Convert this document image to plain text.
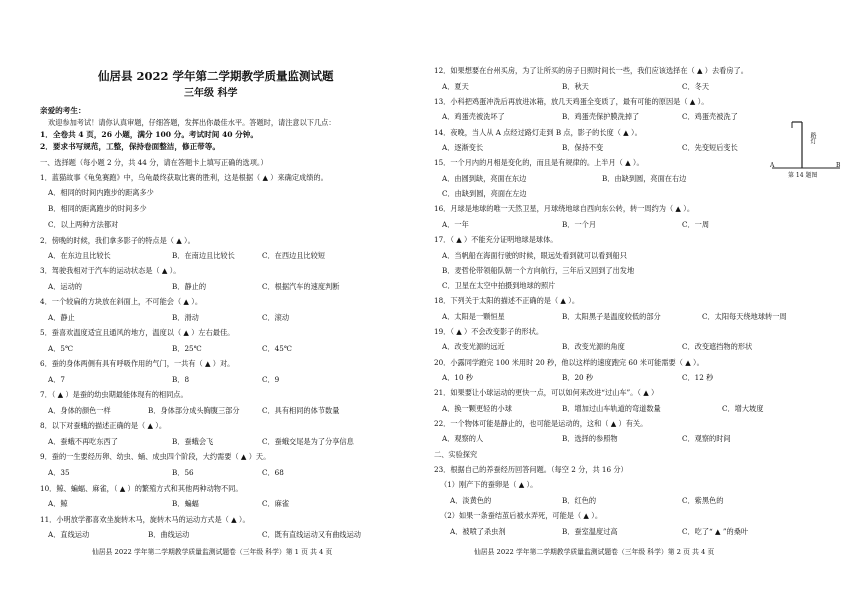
仙居县 2022 学年第二学期教学质量监测试题
三年级 科学
亲爱的考生：
欢迎参加考试！请你认真审题，仔细答题，发挥出你最佳水平。答题时，请注意以下几点：
1．全卷共 4 页，26 小题，满分 100 分。考试时间 40 分钟。
2．要求书写规范，工整，保持卷面整洁，修正带等。
一、选择题（每小题 2 分，共 44 分，请在答题卡上填写正确的选项。）
1．蓝猫故事《龟兔赛跑》中，乌龟最终获取比赛的胜利，这是根据（ ▲ ）来确定成绩的。
A．相同的时间内跑步的距离多少
B．相同的距离跑步的时间多少
C．以上两种方法都对
2．傍晚的时候，我们拿多影子的特点是（ ▲ ）。
A．在东边且比较长	B．在南边且比较长	C．在西边且比较短
3．驾驶我相对于汽车的运动状态是（ ▲ ）。
A．运动的	B．静止的	C．根据汽车的速度判断
4．一个较扁的方块放在斜面上，不可能会（ ▲ ）。
A．静止	B．滑动	C．滚动
5．蚕喜欢温度适宜且通风的地方，温度以（ ▲ ）左右最佳。
A．5℃	B．25℃	C．45℃
6．蚕的身体两侧有具有呼吸作用的气门，一共有（ ▲ ）对。
A．7	B．8	C．9
7．（ ▲ ）是蚕的幼虫期最能体现有的相同点。
A．身体的颜色一样	B．身体部分成头胸腹三部分	C．具有相同的体节数量
8．以下对蚕蛾的描述正确的是（ ▲ ）。
A．蚕蛾不再吃东西了	B．蚕蛾会飞	C．蚕蛾交尾是为了分享信息
9．蚕的一生要经历卵、幼虫、蛹、成虫四个阶段，大约需要（ ▲ ）天。
A．35	B．56	C．68
10．鲸、蝙蝠、麻雀，（ ▲ ）的繁殖方式和其他两种动物不同。
A．鲸	B．蝙蝠	C．麻雀
11．小明放学都喜欢坐旋转木马，旋转木马的运动方式是（ ▲ ）。
A．直线运动	B．曲线运动	C．既有直线运动又有曲线运动
仙居县 2022 学年第二学期教学质量监测试题卷（三年级 科学）第 1 页 共 4 页
12．如果想要在台州买房，为了让所买的房子日照时间长一些，我们应该选择在（ ▲ ）去看房了。
A．夏天	B．秋天	C．冬天
13．小科把鸡蛋冲洗后再放进冰箱，放几天鸡蛋全变质了，最有可能的原因是（ ▲ ）。
A．鸡蛋壳被洗坏了	B．鸡蛋壳保护膜洗掉了	C．鸡蛋壳被洗了
14．夜晚，当人从 A 点经过路灯走到 B 点，影子的长度（ ▲ ）。
A．逐渐变长	B．保持不变	C．先变短后变长
A	B
路灯
第 14 题图
15．一个月内的月相是变化的，而且是有规律的。上半月（ ▲ ）。
A．由圆到缺，亮面在东边	B．由缺到圆，亮面在右边
C．由缺到圆，亮面在左边
16．月球是地球的唯一天然卫星，月球绕地球自西向东公转，转一周约为（ ▲ ）。
A．一年	B．一个月	C．一周
17．（ ▲ ）不能充分证明地球是球体。
A．当帆船在海面行驶的时候，眼远处看到就可以看到船只
B．麦哲伦带领船队朝一个方向航行，三年后又回到了出发地
C．卫星在太空中拍摄到地球的照片
18．下列关于太阳的描述不正确的是（ ▲ ）。
A．太阳是一颗恒星	B．太阳黑子是温度较低的部分	C．太阳每天绕地球转一周
19．（ ▲ ）不会改变影子的形状。
A．改变光源的远近	B．改变光源的角度	C．改变遮挡物的形状
20．小露同学跑完 100 米用时 20 秒，他以这样的速度跑完 60 米可能需要（ ▲ ）。
A．10 秒	B．20 秒	C．12 秒
21．如果要让小球运动的更快一点，可以如何来改进“过山车”。（ ▲ ）
A．换一颗更轻的小球	B．增加过山车轨道的弯道数量	C．增大坡度
22．一个物体可能是静止的，也可能是运动的，这和（ ▲ ）有关。
A．观察的人	B．选择的参照物	C．观察的时间
二、实验探究
23．根据自己的养蚕经历回答问题。（每空 2 分，共 16 分）
（1）刚产下的蚕卵是（ ▲ ）。
A．淡黄色的	B．红色的	C．紫黑色的
（2）如果一条蚕结茧后被水弄死，可能是（ ▲ ）。
A．被喷了杀虫剂	B．蚕室温度过高	C．吃了“ ▲ ”的桑叶
仙居县 2022 学年第二学期教学质量监测试题卷（三年级 科学）第 2 页 共 4 页
